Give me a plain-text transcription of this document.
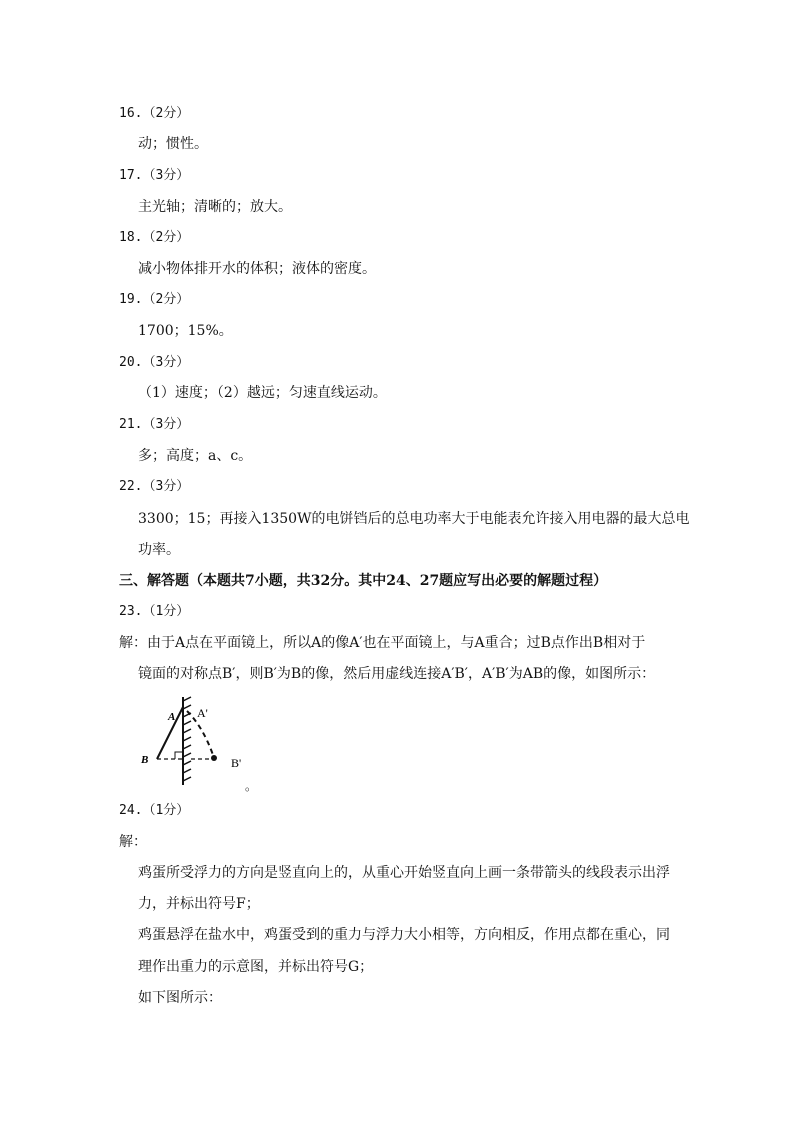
16.（2分）
动；惯性。
17.（3分）
主光轴；清晰的；放大。
18.（2分）
减小物体排开水的体积；液体的密度。
19.（2分）
1700；15%。
20.（3分）
（1）速度；（2）越远；匀速直线运动。
21.（3分）
多；高度；a、c。
22.（3分）
3300；15；再接入1350W的电饼铛后的总电功率大于电能表允许接入用电器的最大总电
功率。
三、解答题（本题共7小题，共32分。其中24、27题应写出必要的解题过程）
23.（1分）
解：由于A点在平面镜上，所以A的像A′也在平面镜上，与A重合；过B点作出B相对于
镜面的对称点B′，则B′为B的像，然后用虚线连接A′B′，A′B′为AB的像，如图所示：
A A'
B	B'
。
24.（1分）
解：
鸡蛋所受浮力的方向是竖直向上的，从重心开始竖直向上画一条带箭头的线段表示出浮
力，并标出符号F；
鸡蛋悬浮在盐水中，鸡蛋受到的重力与浮力大小相等，方向相反，作用点都在重心，同
理作出重力的示意图，并标出符号G；
如下图所示：
